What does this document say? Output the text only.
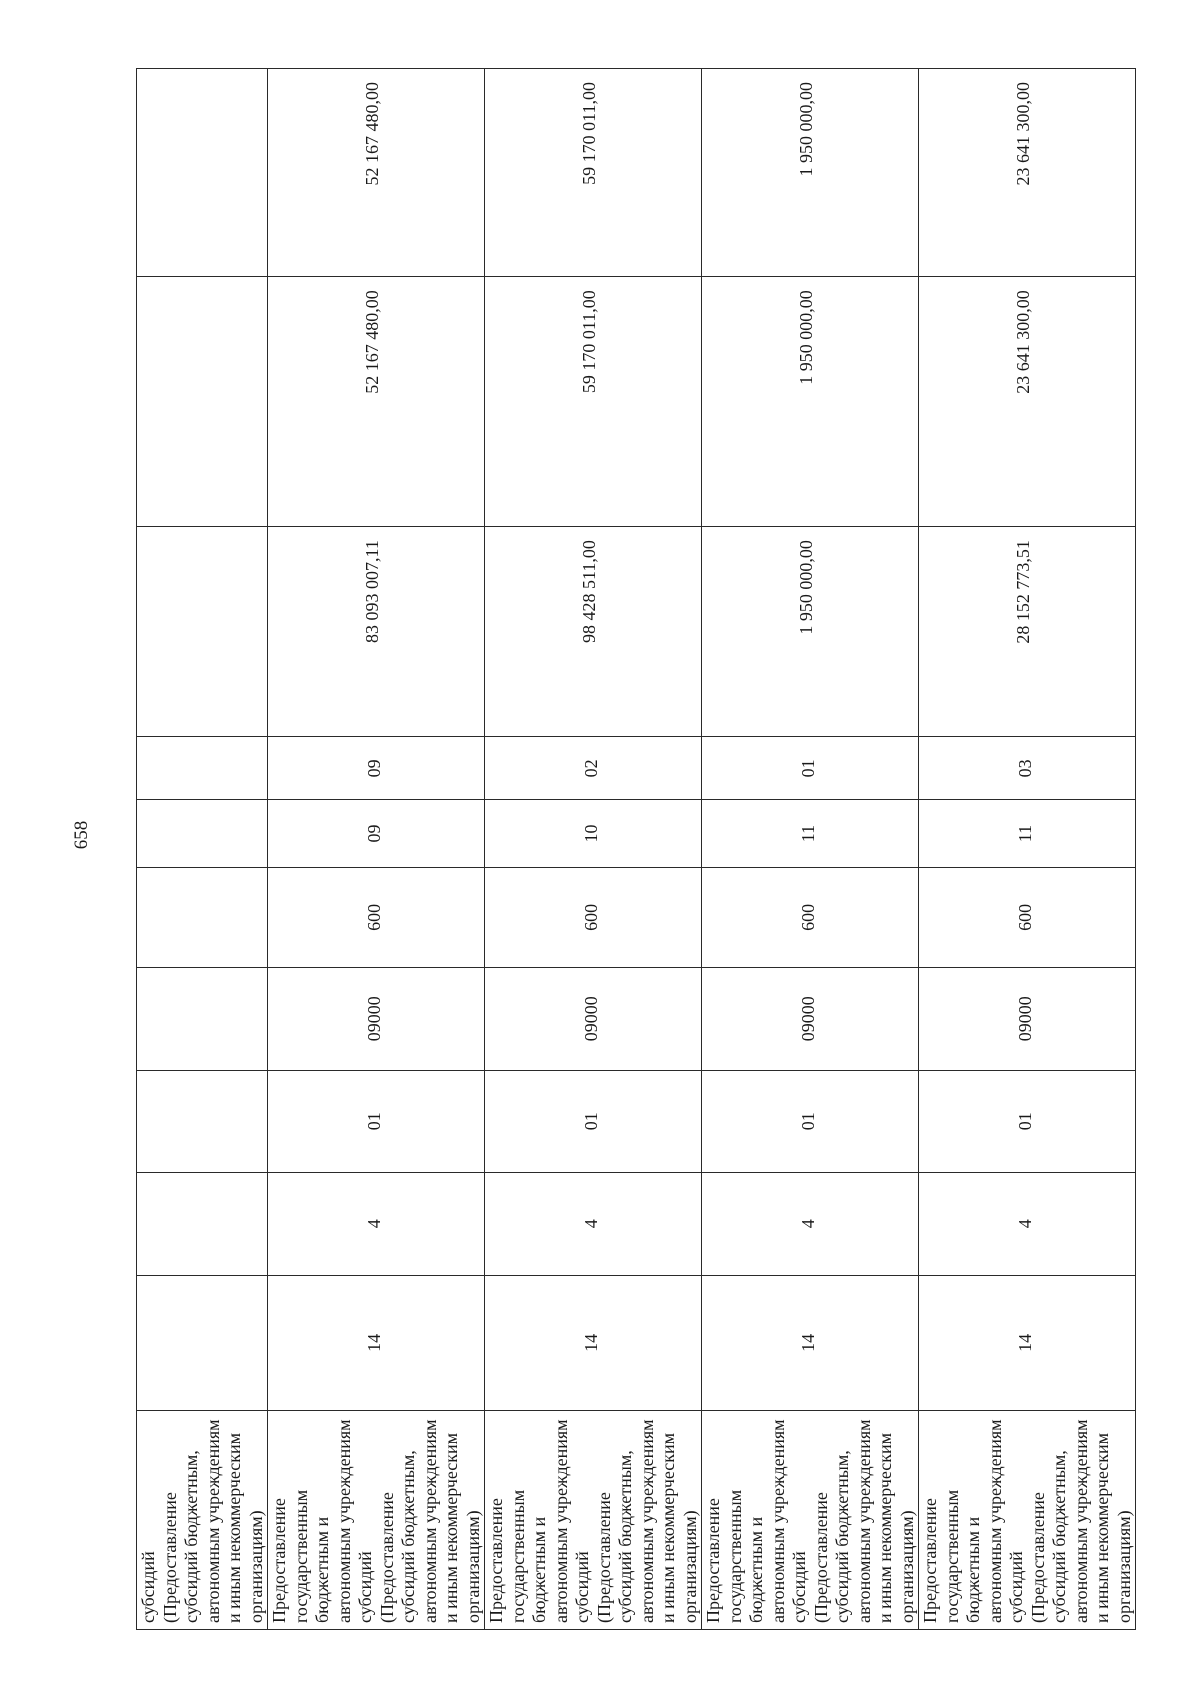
658
субсидий (Предоставление субсидий бюджетным, автономным учреждениям и иным некоммерческим организациям)										
Предоставление государственным бюджетным и автономным учреждениям субсидий (Предоставление субсидий бюджетным, автономным учреждениям и иным некоммерческим организациям)	14	4	01	09000	600	09	09	83 093 007,11	52 167 480,00	52 167 480,00
Предоставление государственным бюджетным и автономным учреждениям субсидий (Предоставление субсидий бюджетным, автономным учреждениям и иным некоммерческим организациям)	14	4	01	09000	600	10	02	98 428 511,00	59 170 011,00	59 170 011,00
Предоставление государственным бюджетным и автономным учреждениям субсидий (Предоставление субсидий бюджетным, автономным учреждениям и иным некоммерческим организациям)	14	4	01	09000	600	11	01	1 950 000,00	1 950 000,00	1 950 000,00
Предоставление государственным бюджетным и автономным учреждениям субсидий (Предоставление субсидий бюджетным, автономным учреждениям и иным некоммерческим организациям)	14	4	01	09000	600	11	03	28 152 773,51	23 641 300,00	23 641 300,00
